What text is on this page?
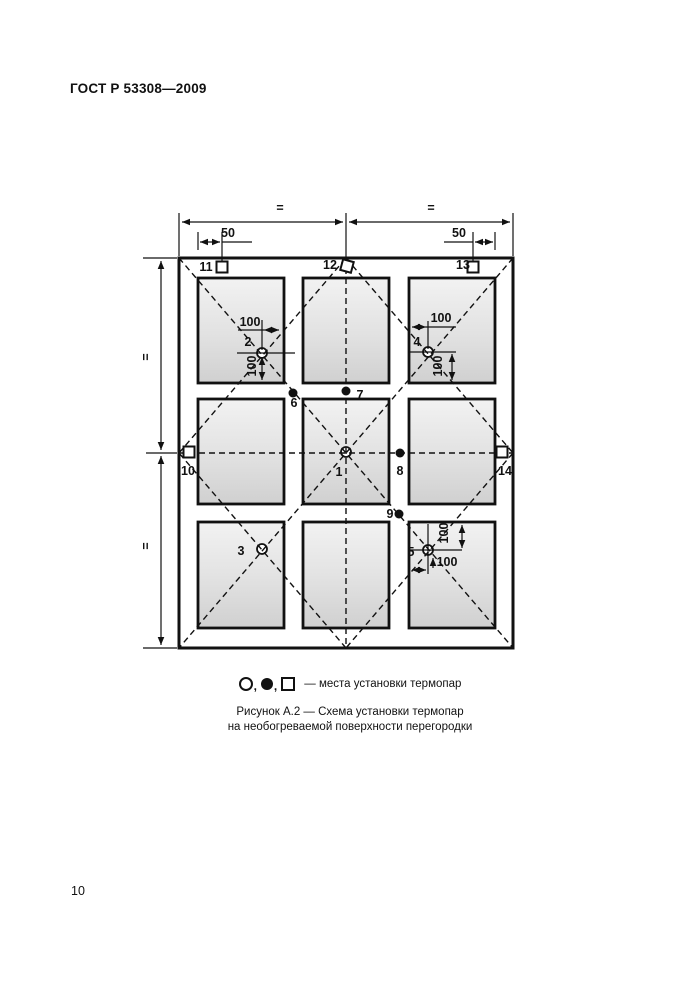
ГОСТ Р 53308—2009
=	=
=
=
50	50
100
100
100
100
100
100
1
2
3
4
5
6
7
8
9
10
11	12	13
14
, , — места установки термопар
Рисунок А.2 — Схема установки термопар
на необогреваемой поверхности перегородки
10
